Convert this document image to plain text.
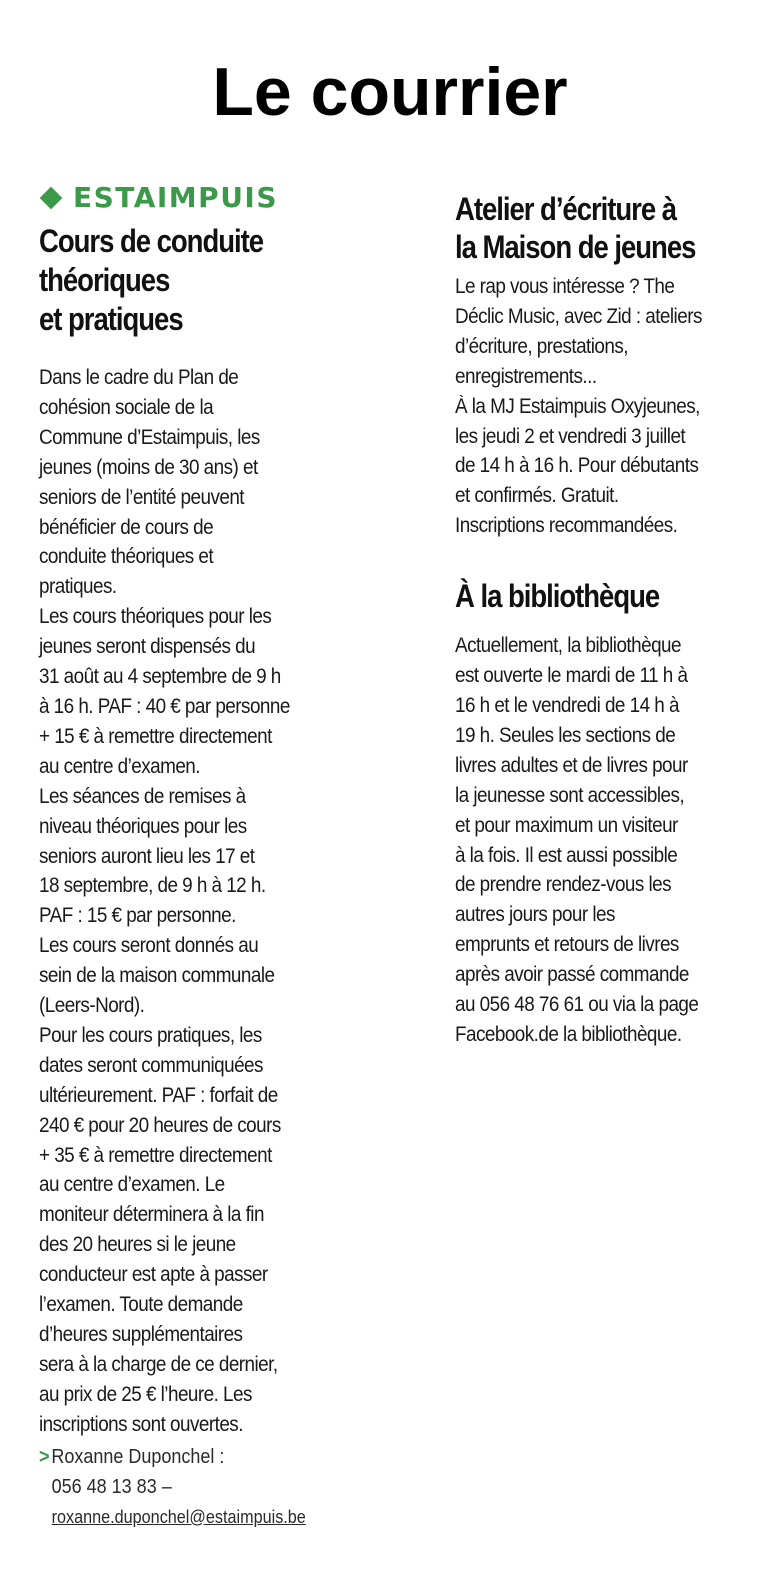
Le courrier
ESTAIMPUIS
Cours de conduite
théoriques
et pratiques
Dans le cadre du Plan de
cohésion sociale de la
Commune d’Estaimpuis, les
jeunes (moins de 30 ans) et
seniors de l’entité peuvent
bénéficier de cours de
conduite théoriques et
pratiques.
Les cours théoriques pour les
jeunes seront dispensés du
31 août au 4 septembre de 9 h
à 16 h. PAF : 40 € par personne
+ 15 € à remettre directement
au centre d’examen.
Les séances de remises à
niveau théoriques pour les
seniors auront lieu les 17 et
18 septembre, de 9 h à 12 h.
PAF : 15 € par personne.
Les cours seront donnés au
sein de la maison communale
(Leers-Nord).
Pour les cours pratiques, les
dates seront communiquées
ultérieurement. PAF : forfait de
240 € pour 20 heures de cours
+ 35 € à remettre directement
au centre d’examen. Le
moniteur déterminera à la fin
des 20 heures si le jeune
conducteur est apte à passer
l’examen. Toute demande
d’heures supplémentaires
sera à la charge de ce dernier,
au prix de 25 € l’heure. Les
inscriptions sont ouvertes.
>Roxanne Duponchel :
056 48 13 83 –
roxanne.duponchel@estaimpuis.be
Atelier d’écriture à
la Maison de jeunes
Le rap vous intéresse ? The
Déclic Music, avec Zid : ateliers
d’écriture, prestations,
enregistrements...
À la MJ Estaimpuis Oxyjeunes,
les jeudi 2 et vendredi 3 juillet
de 14 h à 16 h. Pour débutants
et confirmés. Gratuit.
Inscriptions recommandées.
À la bibliothèque
Actuellement, la bibliothèque
est ouverte le mardi de 11 h à
16 h et le vendredi de 14 h à
19 h. Seules les sections de
livres adultes et de livres pour
la jeunesse sont accessibles,
et pour maximum un visiteur
à la fois. Il est aussi possible
de prendre rendez-vous les
autres jours pour les
emprunts et retours de livres
après avoir passé commande
au 056 48 76 61 ou via la page
Facebook.de la bibliothèque.
